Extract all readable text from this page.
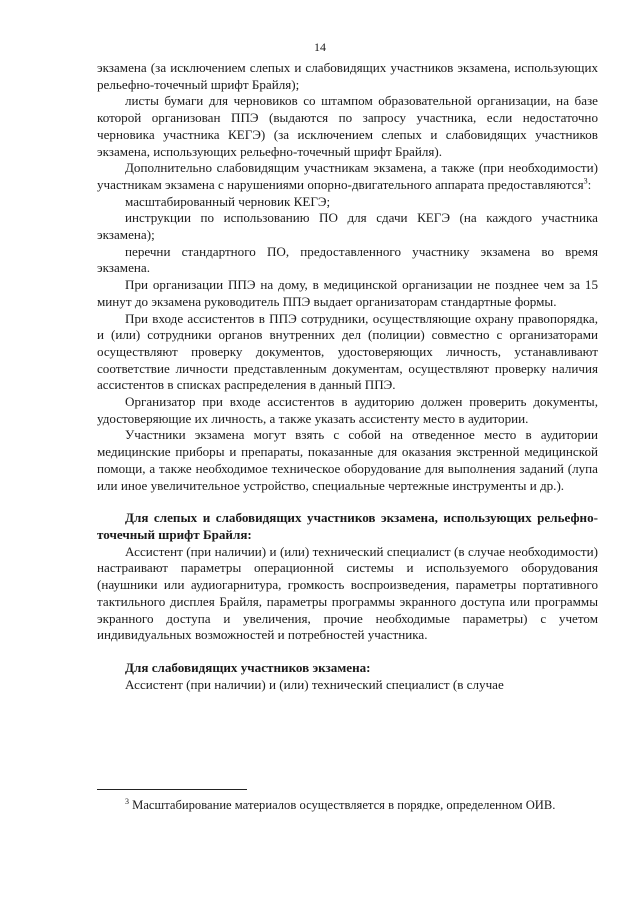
14

экзамена (за исключением слепых и слабовидящих участников экзамена, использующих рельефно-точечный шрифт Брайля);

листы бумаги для черновиков со штампом образовательной организации, на базе которой организован ППЭ (выдаются по запросу участника, если недостаточно черновика участника КЕГЭ) (за исключением слепых и слабовидящих участников экзамена, использующих рельефно-точечный шрифт Брайля).

Дополнительно слабовидящим участникам экзамена, а также (при необходимости) участникам экзамена с нарушениями опорно-двигательного аппарата предоставляются$^3$:

масштабированный черновик КЕГЭ;

инструкции по использованию ПО для сдачи КЕГЭ (на каждого участника экзамена);

перечни стандартного ПО, предоставленного участнику экзамена во время экзамена.

При организации ППЭ на дому, в медицинской организации не позднее чем за 15 минут до экзамена руководитель ППЭ выдает организаторам стандартные формы.

При входе ассистентов в ППЭ сотрудники, осуществляющие охрану правопорядка, и (или) сотрудники органов внутренних дел (полиции) совместно с организаторами осуществляют проверку документов, удостоверяющих личность, устанавливают соответствие личности представленным документам, осуществляют проверку наличия ассистентов в списках распределения в данный ППЭ.

Организатор при входе ассистентов в аудиторию должен проверить документы, удостоверяющие их личность, а также указать ассистенту место в аудитории.

Участники экзамена могут взять с собой на отведенное место в аудитории медицинские приборы и препараты, показанные для оказания экстренной медицинской помощи, а также необходимое техническое оборудование для выполнения заданий (лупа или иное увеличительное устройство, специальные чертежные инструменты и др.).

Для слепых и слабовидящих участников экзамена, использующих рельефно-точечный шрифт Брайля:

Ассистент (при наличии) и (или) технический специалист (в случае необходимости) настраивают параметры операционной системы и используемого оборудования (наушники или аудиогарнитура, громкость воспроизведения, параметры портативного тактильного дисплея Брайля, параметры программы экранного доступа или программы экранного доступа и увеличения, прочие необходимые параметры) с учетом индивидуальных возможностей и потребностей участника.

Для слабовидящих участников экзамена:

Ассистент (при наличии) и (или) технический специалист (в случае

$^3$ Масштабирование материалов осуществляется в порядке, определенном ОИВ.
